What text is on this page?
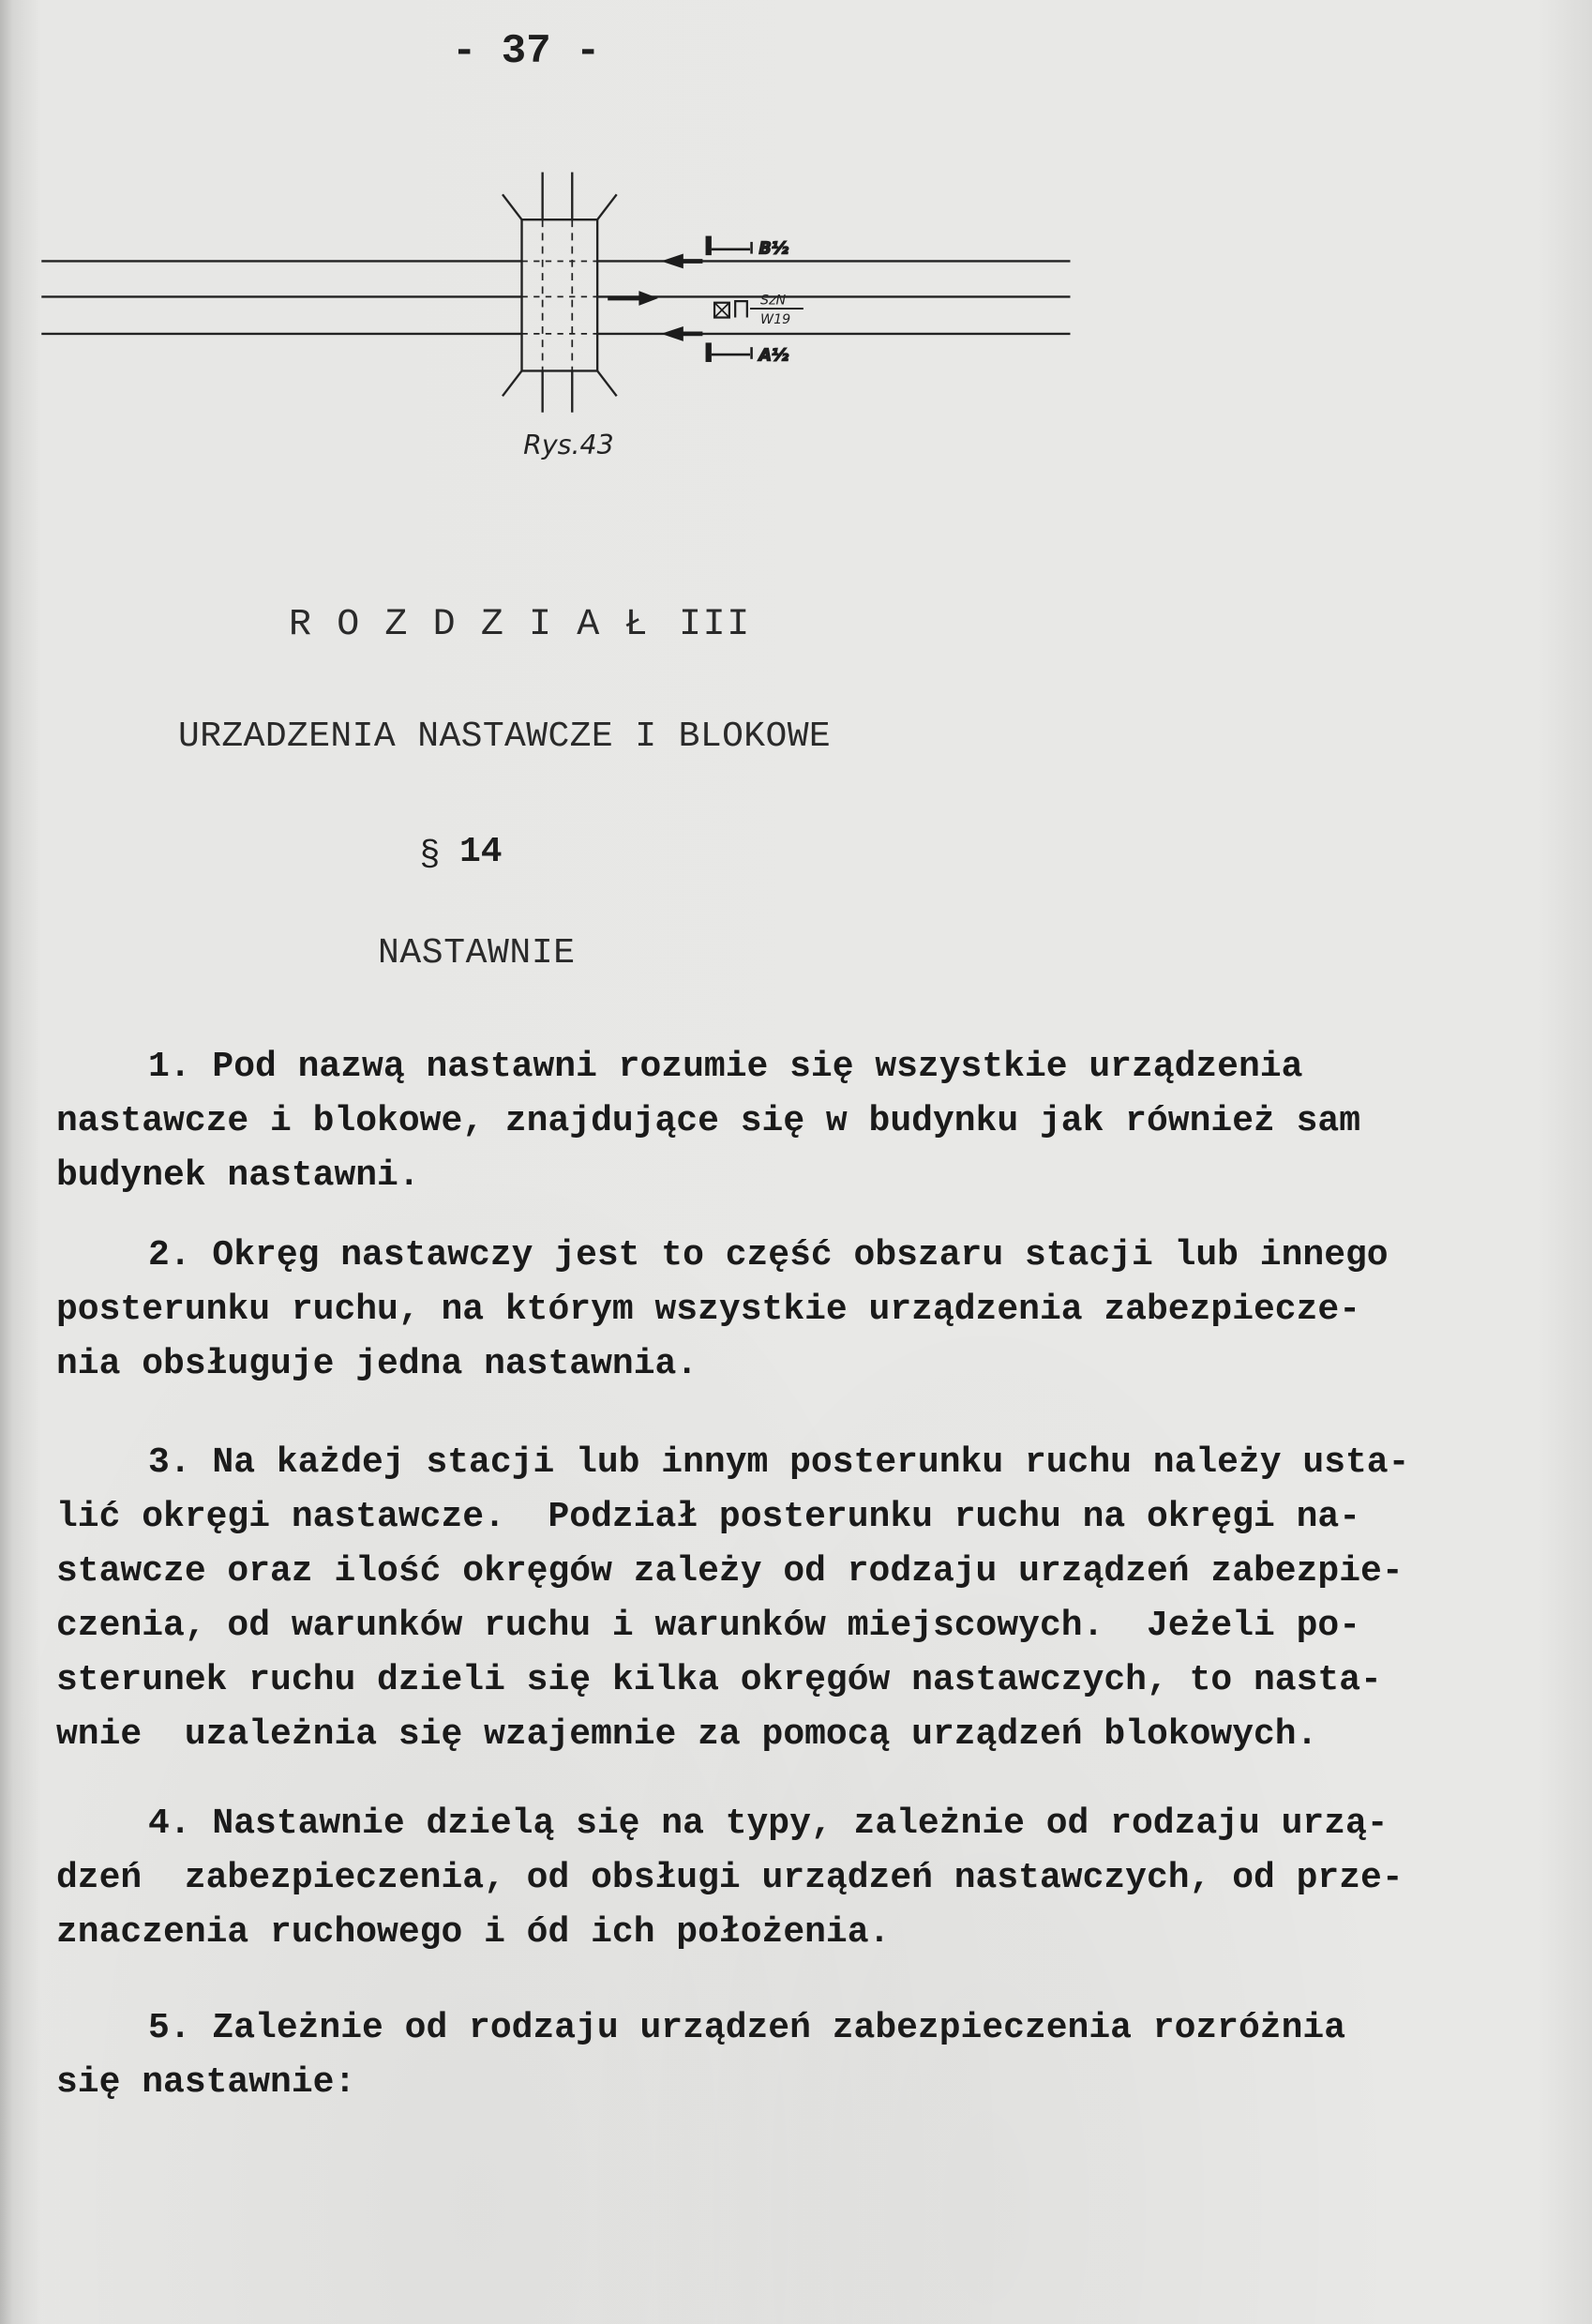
- 37 -
B½
SzN
W19
A½
Rys.43
R O Z D Z I A Ł III
URZADZENIA NASTAWCZE I BLOKOWE
§ 14
NASTAWNIE
1. Pod nazwą nastawni rozumie się wszystkie urządzenia
nastawcze i blokowe, znajdujące się w budynku jak również sam
budynek nastawni.
2. Okręg nastawczy jest to część obszaru stacji lub innego
posterunku ruchu, na którym wszystkie urządzenia zabezpiecze-
nia obsługuje jedna nastawnia.
3. Na każdej stacji lub innym posterunku ruchu należy usta-
lić okręgi nastawcze.  Podział posterunku ruchu na okręgi na-
stawcze oraz ilość okręgów zależy od rodzaju urządzeń zabezpie-
czenia, od warunków ruchu i warunków miejscowych.  Jeżeli po-
sterunek ruchu dzieli się kilka okręgów nastawczych, to nasta-
wnie  uzależnia się wzajemnie za pomocą urządzeń blokowych.
4. Nastawnie dzielą się na typy, zależnie od rodzaju urzą-
dzeń  zabezpieczenia, od obsługi urządzeń nastawczych, od prze-
znaczenia ruchowego i ód ich położenia.
5. Zależnie od rodzaju urządzeń zabezpieczenia rozróżnia
się nastawnie:
